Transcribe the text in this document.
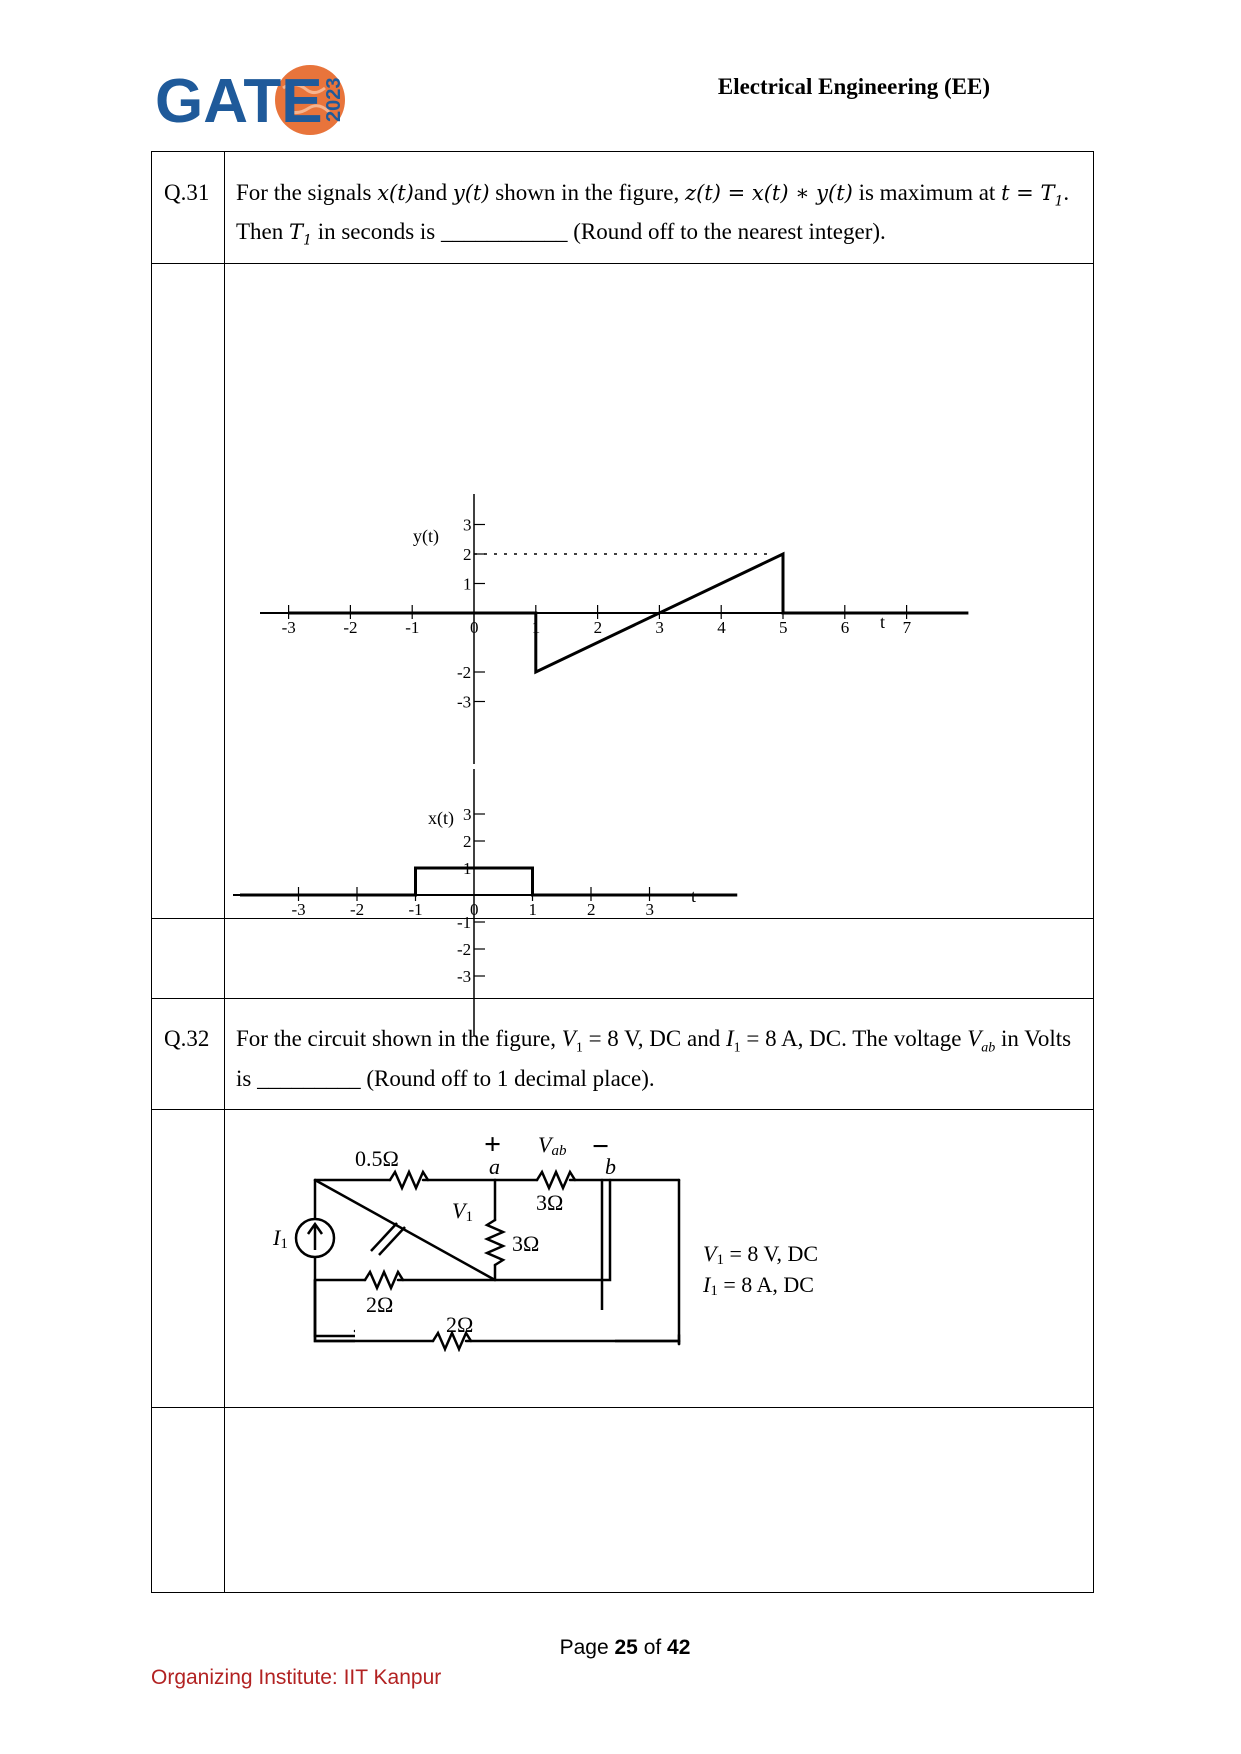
GATE 2023	Electrical Engineering (EE)
Q.31 For the signals x(t)and y(t) shown in the figure, z(t) = x(t) ∗ y(t) is maximum at $t = T_1$. Then $T_1$ in seconds is ___________ (Round off to the nearest integer).
-3	-2	-1	0	1	2	3	4	5	6	7
3
2
1
-2
-3
y(t)
t
-3	-2	-1	0	1	2	3
3
2
1
-1
-2
-3
x(t)
t
Q.32 For the circuit shown in the figure, $V_1 = 8$ V, DC and $I_1 = 8$ A, DC. The voltage $V_{ab}$ in Volts is _________ (Round off to 1 decimal place).
0.5Ω
3Ω
3Ω
2Ω
2Ω
a	b
+	−
Vab
I1
V1
V1 = 8 V, DC
I1 = 8 A, DC
Page 25 of 42
Organizing Institute: IIT Kanpur
